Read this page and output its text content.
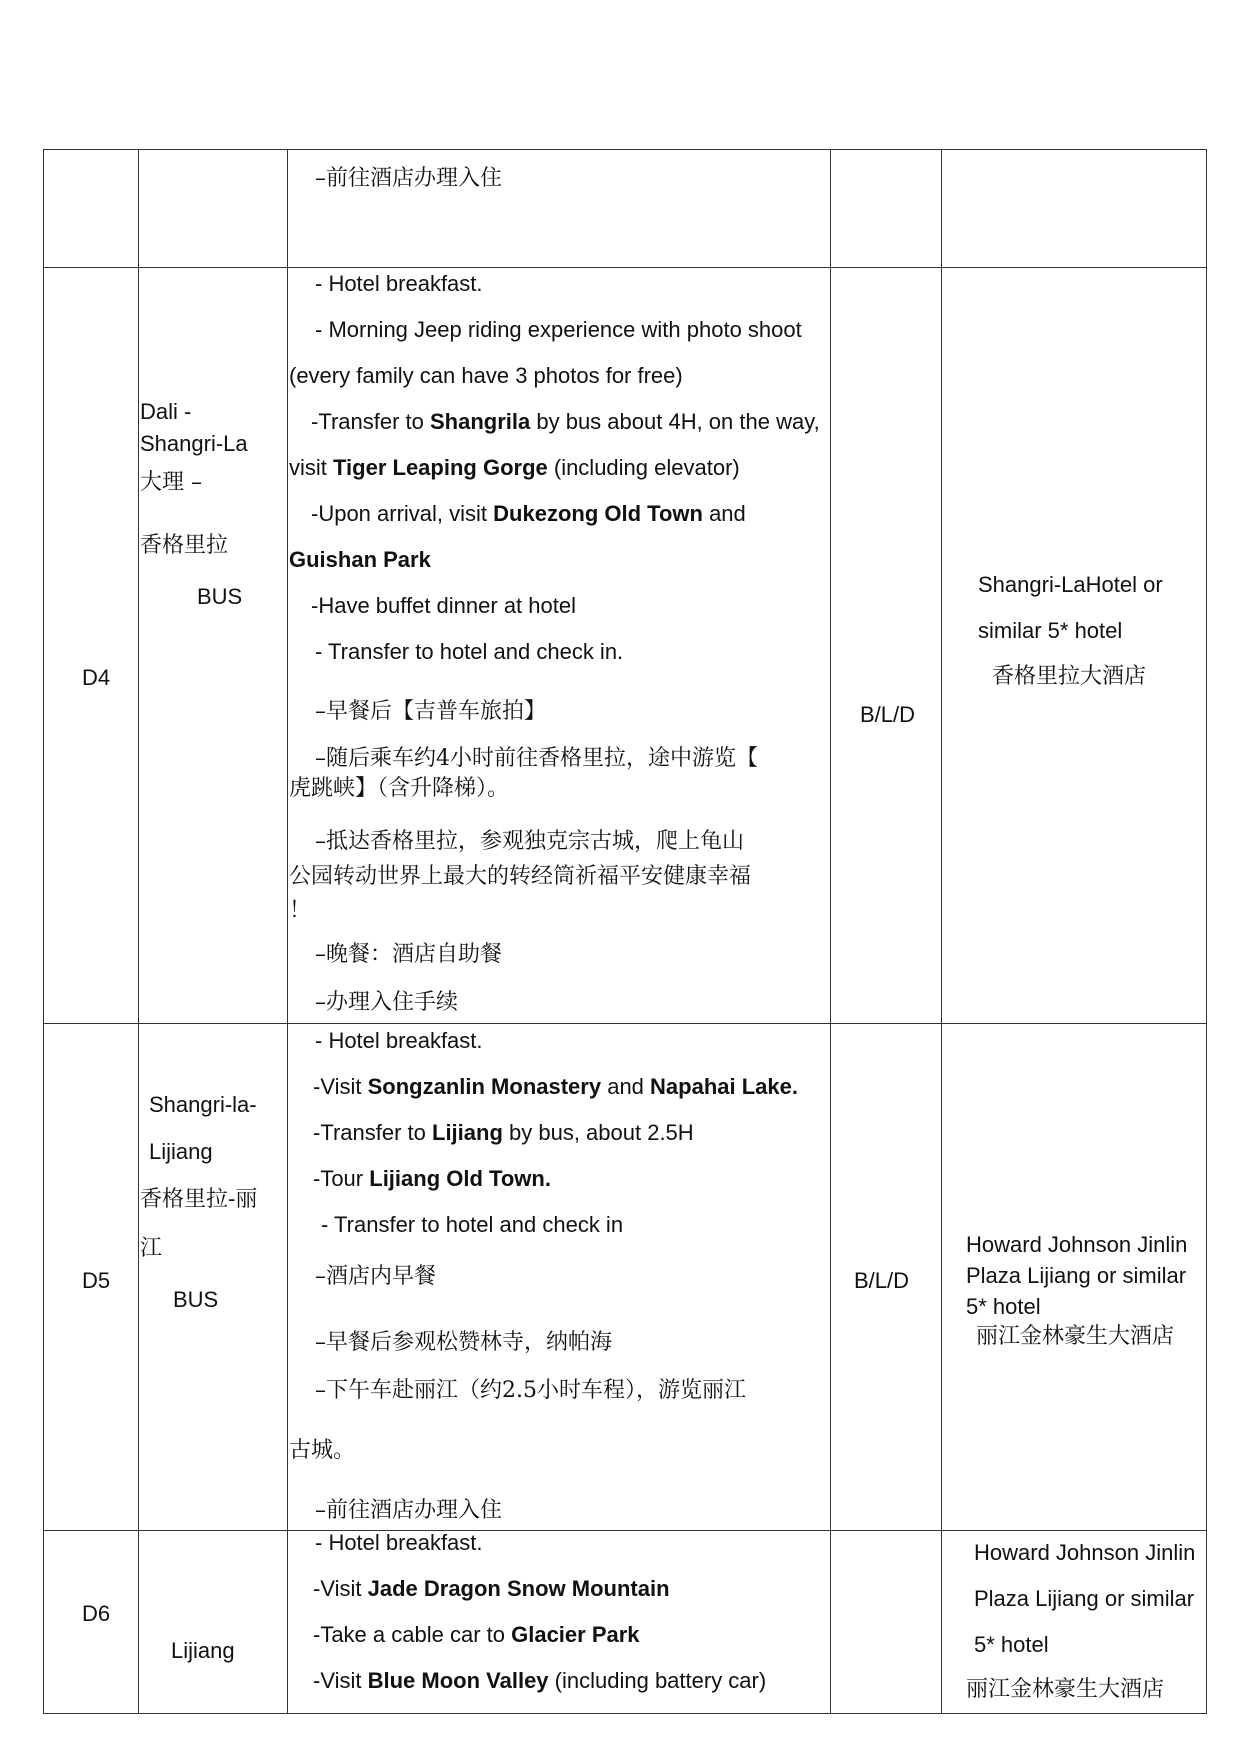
–前往酒店办理入住
D4
Dali -
Shangri-La
大理 –
香格里拉
BUS
- Hotel breakfast.
- Morning Jeep riding experience with photo shoot
(every family can have 3 photos for free)
-Transfer to Shangrila by bus about 4H, on the way,
visit Tiger Leaping Gorge (including elevator)
-Upon arrival, visit Dukezong Old Town and
Guishan Park
-Have buffet dinner at hotel
- Transfer to hotel and check in.
–早餐后【吉普车旅拍】
–随后乘车约4小时前往香格里拉，途中游览【
虎跳峡】（含升降梯）。
–抵达香格里拉，参观独克宗古城，爬上龟山
公园转动世界上最大的转经筒祈福平安健康幸福
！
–晚餐：酒店自助餐
–办理入住手续
B/L/D
Shangri-LaHotel or
similar 5* hotel
香格里拉大酒店
D5
Shangri-la-
Lijiang
香格里拉-丽
江
BUS
- Hotel breakfast.
-Visit Songzanlin Monastery and Napahai Lake.
-Transfer to Lijiang by bus, about 2.5H
-Tour Lijiang Old Town.
- Transfer to hotel and check in
–酒店内早餐
–早餐后参观松赞林寺，纳帕海
–下午车赴丽江（约2.5小时车程），游览丽江
古城。
–前往酒店办理入住
B/L/D
Howard Johnson Jinlin
Plaza Lijiang or similar
5* hotel
丽江金林豪生大酒店
D6
Lijiang
- Hotel breakfast.
-Visit Jade Dragon Snow Mountain
-Take a cable car to Glacier Park
-Visit Blue Moon Valley (including battery car)
Howard Johnson Jinlin
Plaza Lijiang or similar
5* hotel
丽江金林豪生大酒店
